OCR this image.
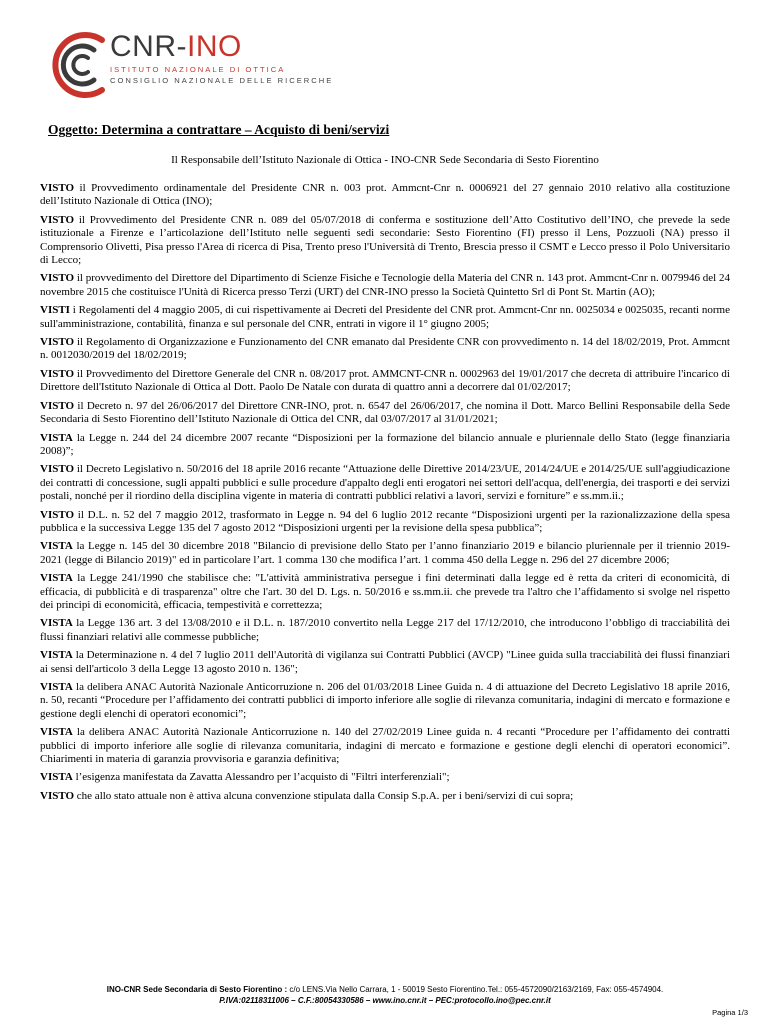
CNR-INO
ISTITUTO NAZIONALE DI OTTICA
CONSIGLIO NAZIONALE DELLE RICERCHE
Oggetto: Determina a contrattare – Acquisto di beni/servizi
Il Responsabile dell’Istituto Nazionale di Ottica - INO-CNR Sede Secondaria di Sesto Fiorentino

VISTO il Provvedimento ordinamentale del Presidente CNR n. 003 prot. Ammcnt-Cnr n. 0006921 del 27 gennaio 2010 relativo alla costituzione dell’Istituto Nazionale di Ottica (INO);

VISTO il Provvedimento del Presidente CNR n. 089 del 05/07/2018 di conferma e sostituzione dell’Atto Costitutivo dell’INO, che prevede la sede istituzionale a Firenze e l’articolazione dell’Istituto nelle seguenti sedi secondarie: Sesto Fiorentino (FI) presso il Lens, Pozzuoli (NA) presso il Comprensorio Olivetti, Pisa presso l'Area di ricerca di Pisa, Trento preso l'Università di Trento, Brescia presso il CSMT e Lecco presso il Polo Universitario di Lecco;

VISTO il provvedimento del Direttore del Dipartimento di Scienze Fisiche e Tecnologie della Materia del CNR n. 143 prot. Ammcnt-Cnr n. 0079946 del 24 novembre 2015 che costituisce l'Unità di Ricerca presso Terzi (URT) del CNR-INO presso la Società Quintetto Srl di Pont St. Martin (AO);

VISTI i Regolamenti del 4 maggio 2005, di cui rispettivamente ai Decreti del Presidente del CNR prot. Ammcnt-Cnr nn. 0025034 e 0025035, recanti norme sull'amministrazione, contabilità, finanza e sul personale del CNR, entrati in vigore il 1° giugno 2005;

VISTO il Regolamento di Organizzazione e Funzionamento del CNR emanato dal Presidente CNR con provvedimento n. 14 del 18/02/2019, Prot. Ammcnt n. 0012030/2019 del 18/02/2019;

VISTO il Provvedimento del Direttore Generale del CNR n. 08/2017 prot. AMMCNT-CNR n. 0002963 del 19/01/2017 che decreta di attribuire l'incarico di Direttore dell'Istituto Nazionale di Ottica al Dott. Paolo De Natale con durata di quattro anni a decorrere dal 01/02/2017;

VISTO il Decreto n. 97 del 26/06/2017 del Direttore CNR-INO, prot. n. 6547 del 26/06/2017, che nomina il Dott. Marco Bellini Responsabile della Sede Secondaria di Sesto Fiorentino dell’Istituto Nazionale di Ottica del CNR, dal 03/07/2017 al 31/01/2021;

VISTA la Legge n. 244 del 24 dicembre 2007 recante “Disposizioni per la formazione del bilancio annuale e pluriennale dello Stato (legge finanziaria 2008)”;

VISTO il Decreto Legislativo n. 50/2016 del 18 aprile 2016 recante “Attuazione delle Direttive 2014/23/UE, 2014/24/UE e 2014/25/UE sull'aggiudicazione dei contratti di concessione, sugli appalti pubblici e sulle procedure d'appalto degli enti erogatori nei settori dell'acqua, dell'energia, dei trasporti e dei servizi postali, nonché per il riordino della disciplina vigente in materia di contratti pubblici relativi a lavori, servizi e forniture” e ss.mm.ii.;

VISTO il D.L. n. 52 del 7 maggio 2012, trasformato in Legge n. 94 del 6 luglio 2012 recante “Disposizioni urgenti per la razionalizzazione della spesa pubblica e la successiva Legge 135 del 7 agosto 2012 “Disposizioni urgenti per la revisione della spesa pubblica”;

VISTA la Legge n. 145 del 30 dicembre 2018 "Bilancio di previsione dello Stato per l’anno finanziario 2019 e bilancio pluriennale per il triennio 2019-2021 (legge di Bilancio 2019)" ed in particolare l’art. 1 comma 130 che modifica l’art. 1 comma 450 della Legge n. 296 del 27 dicembre 2006;

VISTA la Legge 241/1990 che stabilisce che: "L'attività amministrativa persegue i fini determinati dalla legge ed è retta da criteri di economicità, di efficacia, di pubblicità e di trasparenza" oltre che l'art. 30 del D. Lgs. n. 50/2016 e ss.mm.ii. che prevede tra l'altro che l’affidamento si svolge nel rispetto dei principi di economicità, efficacia, tempestività e correttezza;

VISTA la Legge 136 art. 3 del 13/08/2010 e il D.L. n. 187/2010 convertito nella Legge 217 del 17/12/2010, che introducono l’obbligo di tracciabilità dei flussi finanziari relativi alle commesse pubbliche;

VISTA la Determinazione n. 4 del 7 luglio 2011 dell'Autorità di vigilanza sui Contratti Pubblici (AVCP) "Linee guida sulla tracciabilità dei flussi finanziari ai sensi dell'articolo 3 della Legge 13 agosto 2010 n. 136";

VISTA la delibera ANAC Autorità Nazionale Anticorruzione n. 206 del 01/03/2018 Linee Guida n. 4 di attuazione del Decreto Legislativo 18 aprile 2016, n. 50, recanti “Procedure per l’affidamento dei contratti pubblici di importo inferiore alle soglie di rilevanza comunitaria, indagini di mercato e formazione e gestione degli elenchi di operatori economici”;

VISTA la delibera ANAC Autorità Nazionale Anticorruzione n. 140 del 27/02/2019 Linee guida n. 4 recanti “Procedure per l’affidamento dei contratti pubblici di importo inferiore alle soglie di rilevanza comunitaria, indagini di mercato e formazione e gestione degli elenchi di operatori economici”. Chiarimenti in materia di garanzia provvisoria e garanzia definitiva;

VISTA l’esigenza manifestata da Zavatta Alessandro per l’acquisto di "Filtri interferenziali";

VISTO che allo stato attuale non è attiva alcuna convenzione stipulata dalla Consip S.p.A. per i beni/servizi di cui sopra;

INO-CNR Sede Secondaria di Sesto Fiorentino : c/o LENS.Via Nello Carrara, 1 - 50019 Sesto Fiorentino.Tel.: 055-4572090/2163/2169, Fax: 055-4574904.
P.IVA:02118311006 – C.F.:80054330586 – www.ino.cnr.it – PEC:protocollo.ino@pec.cnr.it
Pagina 1/3
